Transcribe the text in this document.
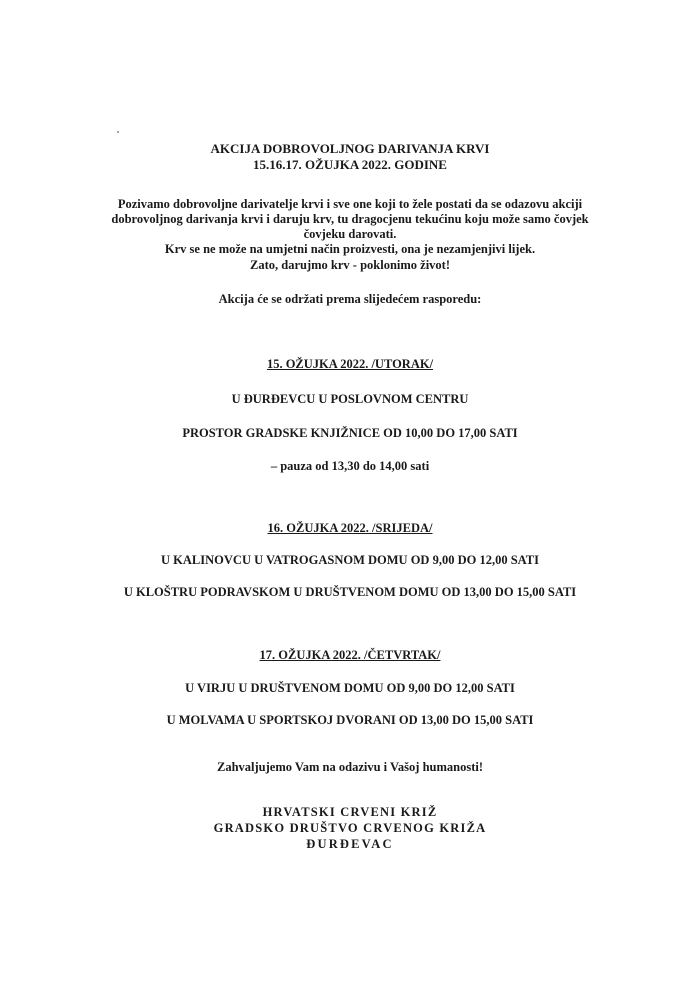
AKCIJA DOBROVOLJNOG DARIVANJA KRVI
15.16.17. OŽUJKA 2022. GODINE
Pozivamo dobrovoljne darivatelje krvi i sve one koji to žele postati da se odazovu akciji
dobrovoljnog darivanja krvi i daruju krv, tu dragocjenu tekućinu koju može samo čovjek
čovjeku darovati.
Krv se ne može na umjetni način proizvesti, ona je nezamjenjivi lijek.
Zato, darujmo krv - poklonimo život!
Akcija će se održati prema slijedećem rasporedu:
15. OŽUJKA 2022. /UTORAK/
U ĐURĐEVCU U POSLOVNOM CENTRU
PROSTOR GRADSKE KNJIŽNICE OD 10,00 DO 17,00 SATI
– pauza od 13,30 do 14,00 sati
16. OŽUJKA 2022. /SRIJEDA/
U KALINOVCU U VATROGASNOM DOMU OD 9,00 DO 12,00 SATI
U KLOŠTRU PODRAVSKOM U DRUŠTVENOM DOMU OD 13,00 DO 15,00 SATI
17. OŽUJKA 2022. /ČETVRTAK/
U VIRJU U DRUŠTVENOM DOMU OD 9,00 DO 12,00 SATI
U MOLVAMA U SPORTSKOJ DVORANI OD 13,00 DO 15,00 SATI
Zahvaljujemo Vam na odazivu i Vašoj humanosti!
HRVATSKI CRVENI KRIŽ
GRADSKO DRUŠTVO CRVENOG KRIŽA
ĐURĐEVAC
